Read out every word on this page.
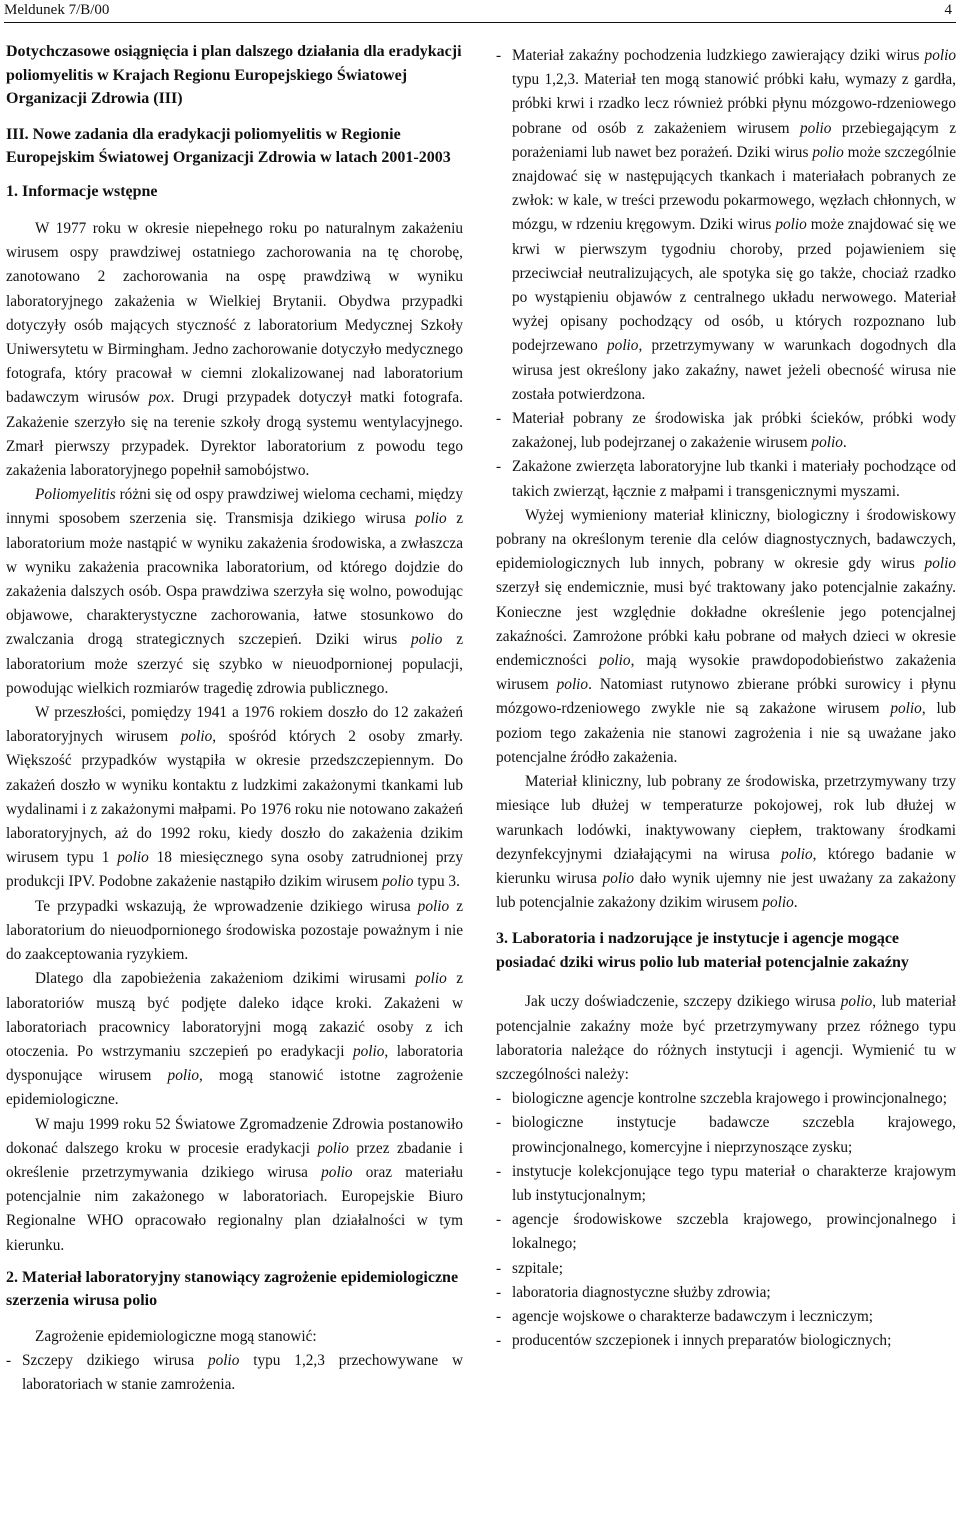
Meldunek 7/B/00	4
Dotychczasowe osiągnięcia i plan dalszego działania dla eradykacji poliomyelitis w Krajach Regionu Europejskiego Światowej Organizacji Zdrowia (III)
III. Nowe zadania dla eradykacji poliomyelitis w Regionie Europejskim Światowej Organizacji Zdrowia w latach 2001-2003
1. Informacje wstępne

W 1977 roku w okresie niepełnego roku po naturalnym zakażeniu wirusem ospy prawdziwej ostatniego zachorowania na tę chorobę, zanotowano 2 zachorowania na ospę prawdziwą w wyniku laboratoryjnego zakażenia w Wielkiej Brytanii. Obydwa przypadki dotyczyły osób mających styczność z laboratorium Medycznej Szkoły Uniwersytetu w Birmingham. Jedno zachorowanie dotyczyło medycznego fotografa, który pracował w ciemni zlokalizowanej nad laboratorium badawczym wirusów pox. Drugi przypadek dotyczył matki fotografa. Zakażenie szerzyło się na terenie szkoły drogą systemu wentylacyjnego. Zmarł pierwszy przypadek. Dyrektor laboratorium z powodu tego zakażenia laboratoryjnego popełnił samobójstwo.

Poliomyelitis różni się od ospy prawdziwej wieloma cechami, między innymi sposobem szerzenia się. Transmisja dzikiego wirusa polio z laboratorium może nastąpić w wyniku zakażenia środowiska, a zwłaszcza w wyniku zakażenia pracownika laboratorium, od którego dojdzie do zakażenia dalszych osób. Ospa prawdziwa szerzyła się wolno, powodując objawowe, charakterystyczne zachorowania, łatwe stosunkowo do zwalczania drogą strategicznych szczepień. Dziki wirus polio z laboratorium może szerzyć się szybko w nieuodpornionej populacji, powodując wielkich rozmiarów tragedię zdrowia publicznego.

W przeszłości, pomiędzy 1941 a 1976 rokiem doszło do 12 zakażeń laboratoryjnych wirusem polio, spośród których 2 osoby zmarły. Większość przypadków wystąpiła w okresie przedszczepiennym. Do zakażeń doszło w wyniku kontaktu z ludzkimi zakażonymi tkankami lub wydalinami i z zakażonymi małpami. Po 1976 roku nie notowano zakażeń laboratoryjnych, aż do 1992 roku, kiedy doszło do zakażenia dzikim wirusem typu 1 polio 18 miesięcznego syna osoby zatrudnionej przy produkcji IPV. Podobne zakażenie nastąpiło dzikim wirusem polio typu 3.

Te przypadki wskazują, że wprowadzenie dzikiego wirusa polio z laboratorium do nieuodpornionego środowiska pozostaje poważnym i nie do zaakceptowania ryzykiem.

Dlatego dla zapobieżenia zakażeniom dzikimi wirusami polio z laboratoriów muszą być podjęte daleko idące kroki. Zakażeni w laboratoriach pracownicy laboratoryjni mogą zakazić osoby z ich otoczenia. Po wstrzymaniu szczepień po eradykacji polio, laboratoria dysponujące wirusem polio, mogą stanowić istotne zagrożenie epidemiologiczne.

W maju 1999 roku 52 Światowe Zgromadzenie Zdrowia postanowiło dokonać dalszego kroku w procesie eradykacji polio przez zbadanie i określenie przetrzymywania dzikiego wirusa polio oraz materiału potencjalnie nim zakażonego w laboratoriach. Europejskie Biuro Regionalne WHO opracowało regionalny plan działalności w tym kierunku.

2. Materiał laboratoryjny stanowiący zagrożenie epidemiologiczne szerzenia wirusa polio

Zagrożenie epidemiologiczne mogą stanowić:

- Szczepy dzikiego wirusa polio typu 1,2,3 przechowywane w laboratoriach w stanie zamrożenia.
- Materiał zakaźny pochodzenia ludzkiego zawierający dziki wirus polio typu 1,2,3. Materiał ten mogą stanowić próbki kału, wymazy z gardła, próbki krwi i rzadko lecz również próbki płynu mózgowo-rdzeniowego pobrane od osób z zakażeniem wirusem polio przebiegającym z porażeniami lub nawet bez porażeń. Dziki wirus polio może szczególnie znajdować się w następujących tkankach i materiałach pobranych ze zwłok: w kale, w treści przewodu pokarmowego, węzłach chłonnych, w mózgu, w rdzeniu kręgowym. Dziki wirus polio może znajdować się we krwi w pierwszym tygodniu choroby, przed pojawieniem się przeciwciał neutralizujących, ale spotyka się go także, chociaż rzadko po wystąpieniu objawów z centralnego układu nerwowego. Materiał wyżej opisany pochodzący od osób, u których rozpoznano lub podejrzewano polio, przetrzymywany w warunkach dogodnych dla wirusa jest określony jako zakaźny, nawet jeżeli obecność wirusa nie została potwierdzona.
- Materiał pobrany ze środowiska jak próbki ścieków, próbki wody zakażonej, lub podejrzanej o zakażenie wirusem polio.
- Zakażone zwierzęta laboratoryjne lub tkanki i materiały pochodzące od takich zwierząt, łącznie z małpami i transgenicznymi myszami.

Wyżej wymieniony materiał kliniczny, biologiczny i środowiskowy pobrany na określonym terenie dla celów diagnostycznych, badawczych, epidemiologicznych lub innych, pobrany w okresie gdy wirus polio szerzył się endemicznie, musi być traktowany jako potencjalnie zakaźny. Konieczne jest względnie dokładne określenie jego potencjalnej zakaźności. Zamrożone próbki kału pobrane od małych dzieci w okresie endemiczności polio, mają wysokie prawdopodobieństwo zakażenia wirusem polio. Natomiast rutynowo zbierane próbki surowicy i płynu mózgowo-rdzeniowego zwykle nie są zakażone wirusem polio, lub poziom tego zakażenia nie stanowi zagrożenia i nie są uważane jako potencjalne źródło zakażenia.

Materiał kliniczny, lub pobrany ze środowiska, przetrzymywany trzy miesiące lub dłużej w temperaturze pokojowej, rok lub dłużej w warunkach lodówki, inaktywowany ciepłem, traktowany środkami dezynfekcyjnymi działającymi na wirusa polio, którego badanie w kierunku wirusa polio dało wynik ujemny nie jest uważany za zakażony lub potencjalnie zakażony dzikim wirusem polio.

3. Laboratoria i nadzorujące je instytucje i agencje mogące posiadać dziki wirus polio lub materiał potencjalnie zakaźny

Jak uczy doświadczenie, szczepy dzikiego wirusa polio, lub materiał potencjalnie zakaźny może być przetrzymywany przez różnego typu laboratoria należące do różnych instytucji i agencji. Wymienić tu w szczególności należy:

- biologiczne agencje kontrolne szczebla krajowego i prowincjonalnego;
- biologiczne instytucje badawcze szczebla krajowego, prowincjonalnego, komercyjne i nieprzynoszące zysku;
- instytucje kolekcjonujące tego typu materiał o charakterze krajowym lub instytucjonalnym;
- agencje środowiskowe szczebla krajowego, prowincjonalnego i lokalnego;
- szpitale;
- laboratoria diagnostyczne służby zdrowia;
- agencje wojskowe o charakterze badawczym i leczniczym;
- producentów szczepionek i innych preparatów biologicznych;
